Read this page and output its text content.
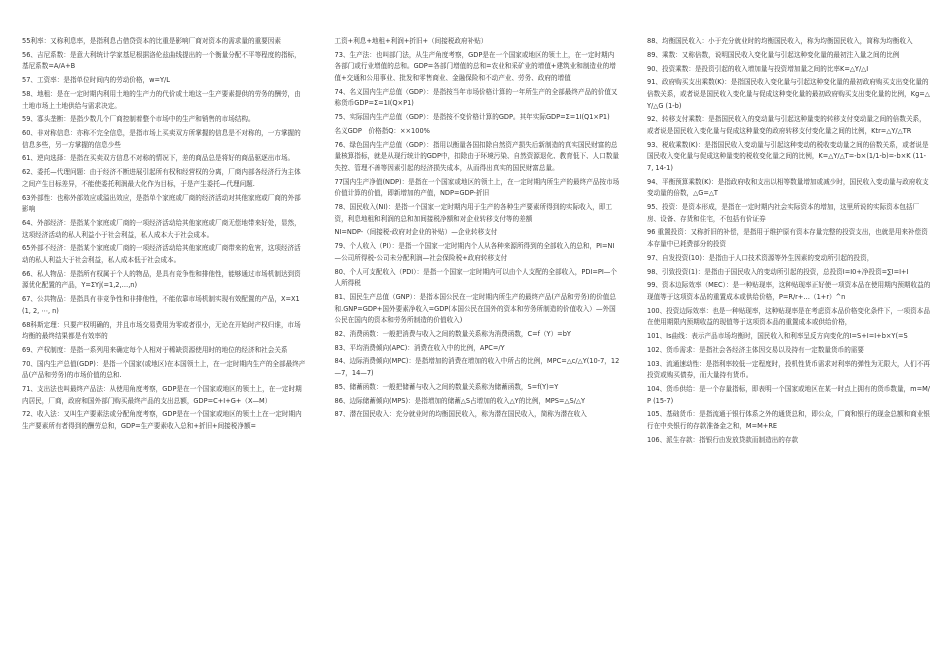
55利率：又称利息率，是指利息占借贷资本的比重是影响厂商对资本的需求量的重要因素

56、吉尼系数：是意大利统计学家基尼根据洛伦兹曲线提出的一个衡量分配不平等程度的指标，基尼系数=A/A+B

57、工资率：是指单位时间内的劳动价格，w=Y/L

58、地租：是在一定时期内利用土地的生产力的代价或土地这一生产要素提供的劳务的酬劳，由土地市场上土地供给与需求决定。

59、寡头垄断：是指少数几个厂商控制着整个市场中的生产和销售的市场结构。

60、非对称信息：亦称不完全信息，是指市场上买卖双方所掌握的信息是不对称的，一方掌握的信息多些，另一方掌握的信息少些

61、逆向选择：是指在买卖双方信息不对称的情况下，差的商品总是将好的商品驱逐出市场。

62、委托—代理问题：由于经济不断进展引起所有权和经营权的分离，厂商内部各经济行为主体之间产生目标差异，不能使委托利润最大化作为目标，于是产生委托—代理问题.

63外部性：也称外部效应或溢出效应，是指单个家庭或厂商的经济活动对其他家庭或厂商的外部影响

64、外部经济：是指某个家庭或厂商的一项经济活动给其他家庭或厂商无偿地带来好处，显然，这项经济活动的私人利益小于社会利益，私人成本大于社会成本。

65外部不经济：是指某个家庭或厂商的一项经济活动给其他家庭或厂商带来的危害，这项经济活动的私人利益大于社会利益，私人成本低于社会成本。

66、私人物品：是指所有权属于个人的物品，是具有竞争性和排他性，能够通过市场机制达到资源优化配置的产品，Y=ΣYj(=1,2,…,n)

67、公共物品：是指具有非竞争性和非排他性，不能依靠市场机制实现有效配置的产品，X=X1(1, 2, ⋯, n)

68科斯定理：只要产权明确的，并且市场交易费用为零或者很小，无论在开始时产权归谁，市场均衡的最终结果都是有效率的

69、产权制度：是指一系列用来确定每个人相对于稀缺资源使用时的地位的经济和社会关系

70、国内生产总值(GDP)：是指一个国家(或地区)在本国领土上，在一定时期内生产的全部最终产品(产品和劳务)的市场价值的总和.

71、支出法也叫最终产品法：从使用角度考察，GDP是在一个国家或地区的领土上，在一定时期内居民，厂商，政府和国外部门购买最终产品的支出总额，GDP=C+I+G+（X—M）

72、收入法：又叫生产要素法或分配角度考察，GDP是在一个国家或地区的领土上在一定时期内生产要素所有者得到的酬劳总和，GDP=生产要素收入总和+折旧+间接税净额=

工资+利息+地租+利润+折旧+（间接税政府补贴）

73、生产法：也叫部门法，从生产角度考察，GDP是在一个国家或地区的领土上，在一定时期内各部门或行业增值的总和。GDP=各部门增值的总和=农业和采矿业的增值+建筑业和制造业的增值+交通和公用事业、批发和零售商业、金融保险和不动产业、劳务、政府的增值

74、名义国内生产总值（GDP）：是指按当年市场价格计算的一年所生产的全部最终产品的价值又称货币GDP=Σ=1I(Q×P1)

75、实际国内生产总值（GDP）：是指按不变价格计算的GDP。其年实际GDP=Σ=1I(Q1×P1)

名义GDP　价格指Q：××100%

76、绿色国内生产总值（GDP）：指用以衡量各国扣除自然资产损失后新制造的真实国民财富的总量核算指标，就是从现行统计的GDP中，扣除由于环境污染、自然资源退化、教育低下、人口数量失控、管理不善等因素引起的经济损失成本，从而得出真实的国民财富总量。

77国内生产净值(NDP)：是指在一个国家或地区的领土上，在一定时期内所生产的最终产品按市场价值计算的价值，即新增加的产值，NDP=GDP-折旧

78、国民收入(NI)：是指一个国家一定时期内用于生产的各种生产要素所得到的实际收入，即工资，利息地租和利润的总和加间接税净额和对企业转移支付等的差额

NI=NDP-（间接税-政府对企业的补贴）—企业转移支付

79、个人收入（PI）：是指一个国家一定时期内个人从各种来源所得到的全部收入的总和，PI=NI—公司所得税-公司未分配利润—社会保险税+政府转移支付

80、个人可支配收入（PDI）：是指一个国家一定时期内可以由个人支配的全部收入，PDI=PI—个人所得税

81、国民生产总值（GNP）：是指本国公民在一定时期内所生产的最终产品(产品和劳务)的价值总和.GNP=GDP+国外要素净收入=GDP(本国公民在国外的资本和劳务所制造的价值收入）—外国公民在国内的资本和劳务所制造的价值收入)

82、消费函数：一般把消费与收入之间的数量关系称为消费函数，C=f（Y）=bY

83、平均消费倾向(APC)：消费在收入中的比例，APC=/Y

84、边际消费倾向(MPC)：是指增加的消费在增加的收入中所占的比例，MPC=△c/△Y(10-7，12—7，14—7)

85、储蓄函数：一般把储蓄与收入之间的数量关系称为储蓄函数，S=f(Y)=Y

86、边际储蓄倾向(MPS)：是指增加的储蓄△S占增加的收入△Y的比例，MPS=△S/△Y

87、潜在国民收入：充分就业时的均衡国民收入，称为潜在国民收入，简称为潜在收入

88、均衡国民收入：小于充分就业时的均衡国民收入，称为均衡国民收入，简称为均衡收入

89、乘数：又称倍数，说明国民收入变化量与引起这种变化量的最初注入量之间的比例

90、投资乘数：是投资引起的收入增加量与投资增加量之间的比率K=△Y/△I

91、政府购买支出乘数(K)：是指国民收入变化量与引起这种变化量的最初政府购买支出变化量的倍数关系，或者说是国民收入变化量与促成这种变化量的最初政府购买支出变化量的比例，Kg=△Y/△G (1-b)

92、转移支付乘数：是指国民收入的变动量与引起这种量变的转移支付变动量之间的倍数关系，或者说是国民收入变化量与促成这种量变的政府转移支付变化量之间的比例，Ktr=△Y/△TR

93、税收乘数(K)：是指国民收入变动量与引起这种变动的税收变动量之间的倍数关系，或者说是国民收入变化量与促成这种量变的税收变化量之间的比例，K=△Y/△T=-b×(1/1-b)=-b×K (11-7, 14-1)

94、平衡预算乘数(K)：是指政府收和支出以相等数量增加或减少时，国民收入变动量与政府收支变动量的倍数，△G=△T

95、投资：是资本形成，是指在一定时期内社会实际资本的增加，这里所说的实际资本包括厂房、设备、存货和住宅，不包括有价证券

96 重置投资：又称折旧的补偿，是指用于维护原有资本存量完整的投资支出，也就是用来补偿资本存量中已耗费部分的投资

97、自发投资(10)：是指由于人口技术资源等外生因素的变动所引起的投资，

98、引致投资(1)：是指由于国民收入的变动所引起的投资，总投资I=I0+净投资=∑I=I+I

99、资本边际效率（MEC）：是一种贴现率，这种贴现率正好使一项资本品在使用期内预期收益的现值等于这项资本品的重置成本或供给价格，P=R/r+…（1+r）^n

100、投资边际效率：也是一种贴现率，这种贴现率是在考虑资本品价格变化条件下，一项资本品在使用期限内预期收益的现值等于这项资本品的重置成本或供给价格，

101、Is曲线：表示产品市场均衡时，国民收入和利率呈反方向变化的I=S+I=I+b×Y(=S

102、货币需求：是指社会各经济主体因交易以及持有一定数量货币的需要

103、流通速动性：是指利率较低一定程度时，投机性货币需求对利率的弹性为无限大，人们不再投资或购买债券，而大量持有货币。

104、货币供给：是一个存量指标，即表明一个国家或地区在某一时点上拥有的货币数量，m=M/P (15-7)

105、基础货币：是指流通于银行体系之外的通货总和，即公众，厂商和银行的现金总额和商业银行在中央银行的存款准备金之和，M=M+RE

106、派生存款：指银行由发放贷款而制造出的存款
